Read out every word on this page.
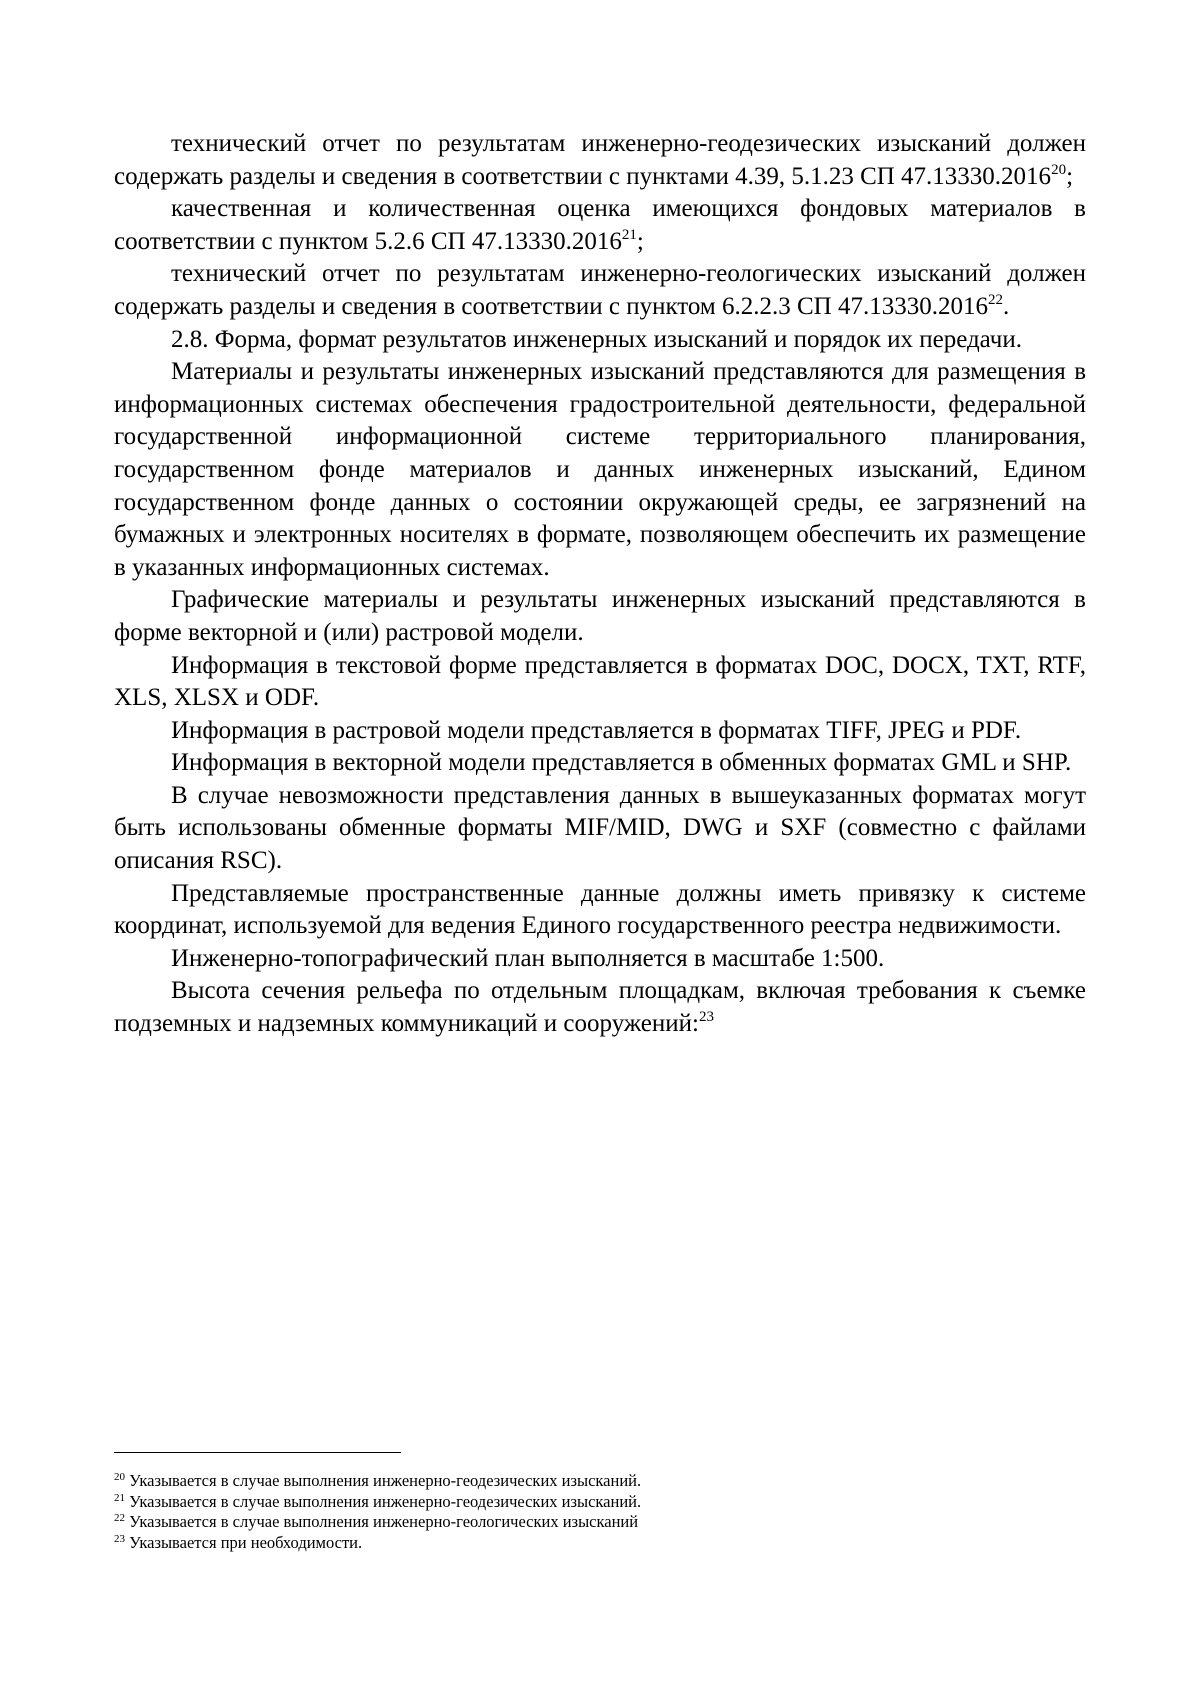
технический отчет по результатам инженерно-геодезических изысканий должен содержать разделы и сведения в соответствии с пунктами 4.39, 5.1.23 СП 47.13330.2016$^{20}$;

качественная и количественная оценка имеющихся фондовых материалов в соответствии с пунктом 5.2.6 СП 47.13330.2016$^{21}$;

технический отчет по результатам инженерно-геологических изысканий должен содержать разделы и сведения в соответствии с пунктом 6.2.2.3 СП 47.13330.2016$^{22}$.

2.8. Форма, формат результатов инженерных изысканий и порядок их передачи.

Материалы и результаты инженерных изысканий представляются для размещения в информационных системах обеспечения градостроительной деятельности, федеральной государственной информационной системе территориального планирования, государственном фонде материалов и данных инженерных изысканий, Едином государственном фонде данных о состоянии окружающей среды, ее загрязнений на бумажных и электронных носителях в формате, позволяющем обеспечить их размещение в указанных информационных системах.

Графические материалы и результаты инженерных изысканий представляются в форме векторной и (или) растровой модели.

Информация в текстовой форме представляется в форматах DOC, DOCX, TXT, RTF, XLS, XLSX и ODF.

Информация в растровой модели представляется в форматах TIFF, JPEG и PDF.

Информация в векторной модели представляется в обменных форматах GML и SHP.

В случае невозможности представления данных в вышеуказанных форматах могут быть использованы обменные форматы MIF/MID, DWG и SXF (совместно с файлами описания RSC).

Представляемые пространственные данные должны иметь привязку к системе координат, используемой для ведения Единого государственного реестра недвижимости.

Инженерно-топографический план выполняется в масштабе 1:500.

Высота сечения рельефа по отдельным площадкам, включая требования к съемке подземных и надземных коммуникаций и сооружений:$^{23}$

$^{20}$ Указывается в случае выполнения инженерно-геодезических изысканий.

$^{21}$ Указывается в случае выполнения инженерно-геодезических изысканий.

$^{22}$ Указывается в случае выполнения инженерно-геологических изысканий

$^{23}$ Указывается при необходимости.
